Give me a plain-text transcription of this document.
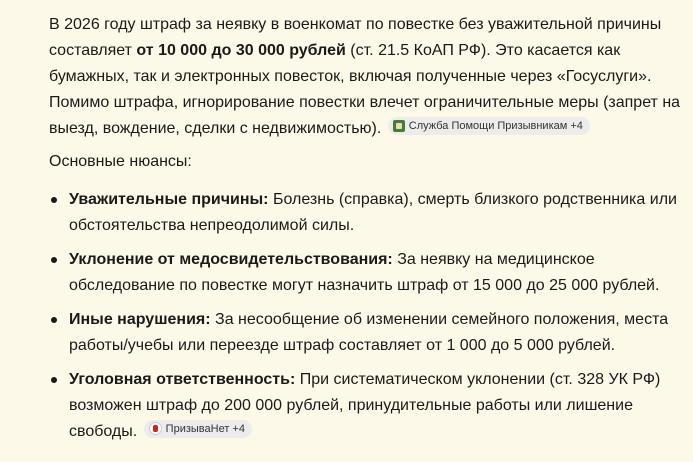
В 2026 году штраф за неявку в военкомат по повестке без уважительной причины составляет от 10 000 до 30 000 рублей (ст. 21.5 КоАП РФ). Это касается как бумажных, так и электронных повесток, включая полученные через «Госуслуги». Помимо штрафа, игнорирование повестки влечет ограничительные меры (запрет на выезд, вождение, сделки с недвижимостью). Служба Помощи Призывникам +4

Основные нюансы:

Уважительные причины: Болезнь (справка), смерть близкого родственника или обстоятельства непреодолимой силы.
Уклонение от медосвидетельствования: За неявку на медицинское обследование по повестке могут назначить штраф от 15 000 до 25 000 рублей.
Иные нарушения: За несообщение об изменении семейного положения, места работы/учебы или переезде штраф составляет от 1 000 до 5 000 рублей.
Уголовная ответственность: При систематическом уклонении (ст. 328 УК РФ) возможен штраф до 200 000 рублей, принудительные работы или лишение свободы.	ПризываНет +4
